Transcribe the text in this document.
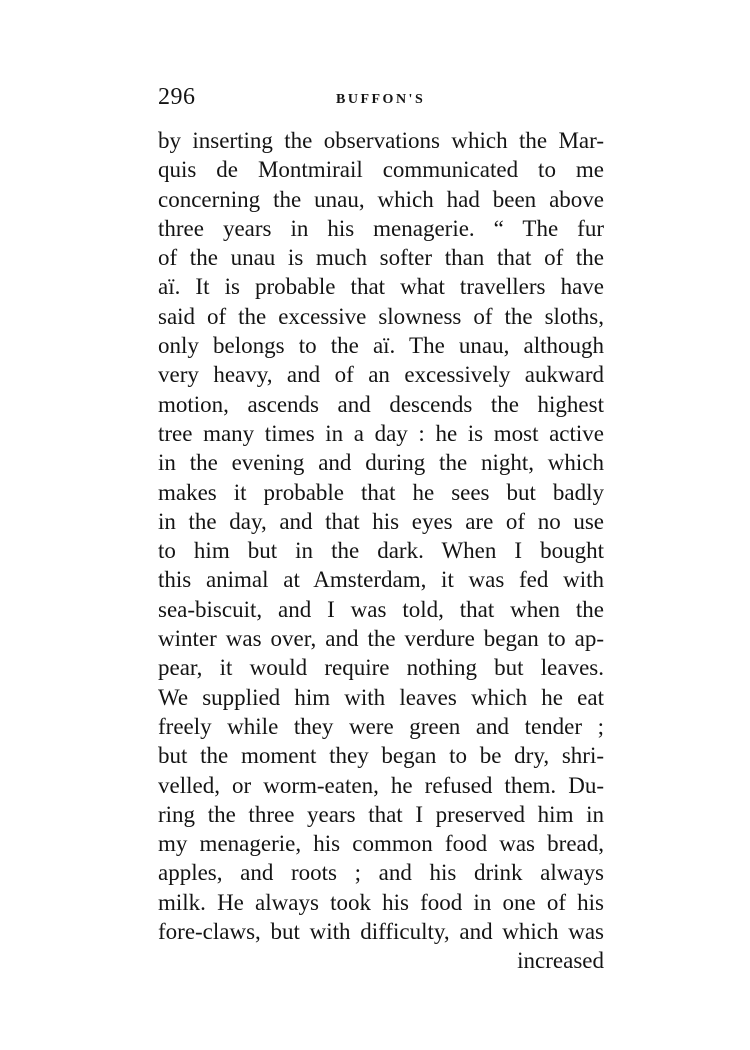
296	BUFFON'S
by inserting the observations which the Mar-
quis de Montmirail communicated to me
concerning the unau, which had been above
three years in his menagerie. “ The fur
of the unau is much softer than that of the
aï. It is probable that what travellers have
said of the excessive slowness of the sloths,
only belongs to the aï. The unau, although
very heavy, and of an excessively aukward
motion, ascends and descends the highest
tree many times in a day : he is most active
in the evening and during the night, which
makes it probable that he sees but badly
in the day, and that his eyes are of no use
to him but in the dark. When I bought
this animal at Amsterdam, it was fed with
sea-biscuit, and I was told, that when the
winter was over, and the verdure began to ap-
pear, it would require nothing but leaves.
We supplied him with leaves which he eat
freely while they were green and tender ;
but the moment they began to be dry, shri-
velled, or worm-eaten, he refused them. Du-
ring the three years that I preserved him in
my menagerie, his common food was bread,
apples, and roots ; and his drink always
milk. He always took his food in one of his
fore-claws, but with difficulty, and which was
increased
